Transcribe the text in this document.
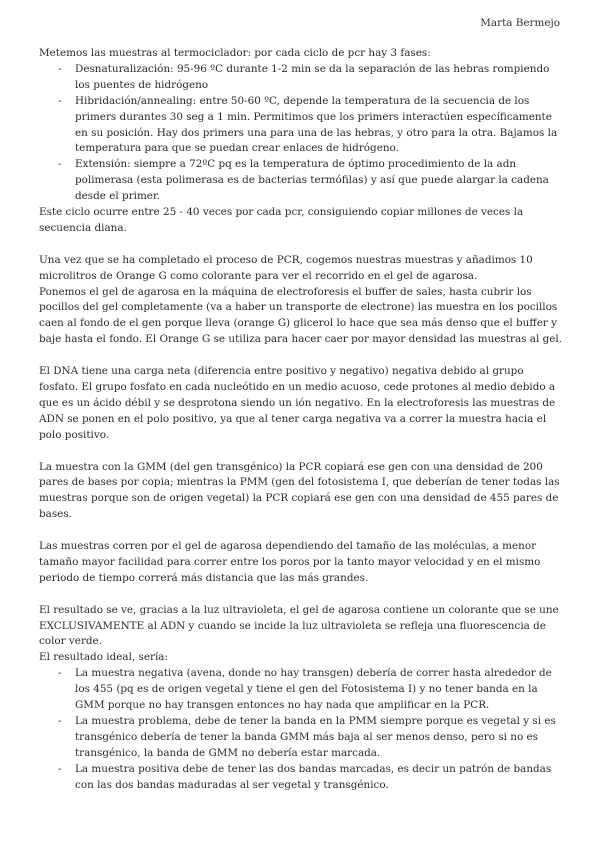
Marta Bermejo

Metemos las muestras al termociclador: por cada ciclo de pcr hay 3 fases:

- Desnaturalización: 95-96 ºC durante 1-2 min se da la separación de las hebras rompiendo los puentes de hidrógeno
- Hibridación/annealing: entre 50-60 ºC, depende la temperatura de la secuencia de los primers durantes 30 seg a 1 min. Permitimos que los primers interactúen específicamente en su posición. Hay dos primers una para una de las hebras, y otro para la otra. Bajamos la temperatura para que se puedan crear enlaces de hidrógeno.
- Extensión: siempre a 72ºC pq es la temperatura de óptimo procedimiento de la adn polimerasa (esta polimerasa es de bacterias termófilas) y así que puede alargar la cadena desde el primer.

Este ciclo ocurre entre 25 - 40 veces por cada pcr, consiguiendo copiar millones de veces la secuencia diana.

Una vez que se ha completado el proceso de PCR, cogemos nuestras muestras y añadimos 10 microlitros de Orange G como colorante para ver el recorrido en el gel de agarosa.

Ponemos el gel de agarosa en la máquina de electroforesis el buffer de sales, hasta cubrir los pocillos del gel completamente (va a haber un transporte de electrone) las muestra en los pocillos caen al fondo de el gen porque lleva (orange G) glicerol lo hace que sea más denso que el buffer y baje hasta el fondo. El Orange G se utiliza para hacer caer por mayor densidad las muestras al gel.

El DNA tiene una carga neta (diferencia entre positivo y negativo) negativa debido al grupo fosfato. El grupo fosfato en cada nucleótido en un medio acuoso, cede protones al medio debido a que es un ácido débil y se desprotona siendo un ión negativo. En la electroforesis las muestras de ADN se ponen en el polo positivo, ya que al tener carga negativa va a correr la muestra hacia el polo positivo.

La muestra con la GMM (del gen transgénico) la PCR copiará ese gen con una densidad de 200 pares de bases por copia; mientras la PMM (gen del fotosistema I, que deberían de tener todas las muestras porque son de origen vegetal) la PCR copiará ese gen con una densidad de 455 pares de bases.

Las muestras corren por el gel de agarosa dependiendo del tamaño de las moléculas, a menor tamaño mayor facilidad para correr entre los poros por la tanto mayor velocidad y en el mismo periodo de tiempo correrá más distancia que las más grandes.

El resultado se ve, gracias a la luz ultravioleta, el gel de agarosa contiene un colorante que se une EXCLUSIVAMENTE al ADN y cuando se incide la luz ultravioleta se refleja una fluorescencia de color verde.

El resultado ideal, sería:

- La muestra negativa (avena, donde no hay transgen) debería de correr hasta alrededor de los 455 (pq es de origen vegetal y tiene el gen del Fotosistema I) y no tener banda en la GMM porque no hay transgen entonces no hay nada que amplificar en la PCR.
- La muestra problema, debe de tener la banda en la PMM siempre porque es vegetal y si es transgénico debería de tener la banda GMM más baja al ser menos denso, pero si no es transgénico, la banda de GMM no debería estar marcada.
- La muestra positiva debe de tener las dos bandas marcadas, es decir un patrón de bandas con las dos bandas maduradas al ser vegetal y transgénico.
